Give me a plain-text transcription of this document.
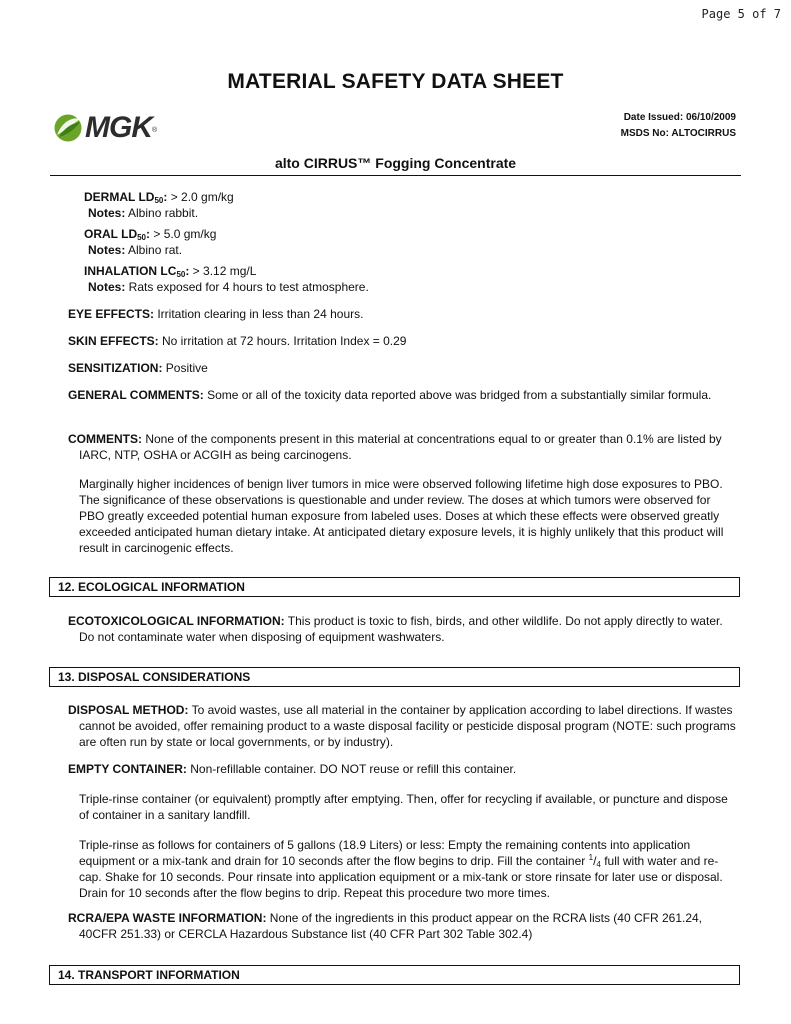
Page 5 of 7
MATERIAL SAFETY DATA SHEET
MGK ®
Date Issued: 06/10/2009
MSDS No: ALTOCIRRUS
alto CIRRUS™ Fogging Concentrate
DERMAL $LD_{50}$: > 2.0 gm/kg
Notes: Albino rabbit.
ORAL $LD_{50}$: > 5.0 gm/kg
Notes: Albino rat.
INHALATION $LC_{50}$: > 3.12 mg/L
Notes: Rats exposed for 4 hours to test atmosphere.
EYE EFFECTS: Irritation clearing in less than 24 hours.
SKIN EFFECTS: No irritation at 72 hours. Irritation Index = 0.29
SENSITIZATION: Positive
GENERAL COMMENTS: Some or all of the toxicity data reported above was bridged from a substantially similar formula.
COMMENTS: None of the components present in this material at concentrations equal to or greater than 0.1% are listed by IARC, NTP, OSHA or ACGIH as being carcinogens.
Marginally higher incidences of benign liver tumors in mice were observed following lifetime high dose exposures to PBO. The significance of these observations is questionable and under review. The doses at which tumors were observed for PBO greatly exceeded potential human exposure from labeled uses. Doses at which these effects were observed greatly exceeded anticipated human dietary intake. At anticipated dietary exposure levels, it is highly unlikely that this product will result in carcinogenic effects.
12. ECOLOGICAL INFORMATION
ECOTOXICOLOGICAL INFORMATION: This product is toxic to fish, birds, and other wildlife. Do not apply directly to water. Do not contaminate water when disposing of equipment washwaters.
13. DISPOSAL CONSIDERATIONS
DISPOSAL METHOD: To avoid wastes, use all material in the container by application according to label directions. If wastes cannot be avoided, offer remaining product to a waste disposal facility or pesticide disposal program (NOTE: such programs are often run by state or local governments, or by industry).
EMPTY CONTAINER: Non-refillable container. DO NOT reuse or refill this container.
Triple-rinse container (or equivalent) promptly after emptying. Then, offer for recycling if available, or puncture and dispose of container in a sanitary landfill.
Triple-rinse as follows for containers of 5 gallons (18.9 Liters) or less: Empty the remaining contents into application equipment or a mix-tank and drain for 10 seconds after the flow begins to drip. Fill the container $^1/_4$ full with water and re-cap. Shake for 10 seconds. Pour rinsate into application equipment or a mix-tank or store rinsate for later use or disposal. Drain for 10 seconds after the flow begins to drip. Repeat this procedure two more times.
RCRA/EPA WASTE INFORMATION: None of the ingredients in this product appear on the RCRA lists (40 CFR 261.24, 40CFR 251.33) or CERCLA Hazardous Substance list (40 CFR Part 302 Table 302.4)
14. TRANSPORT INFORMATION
